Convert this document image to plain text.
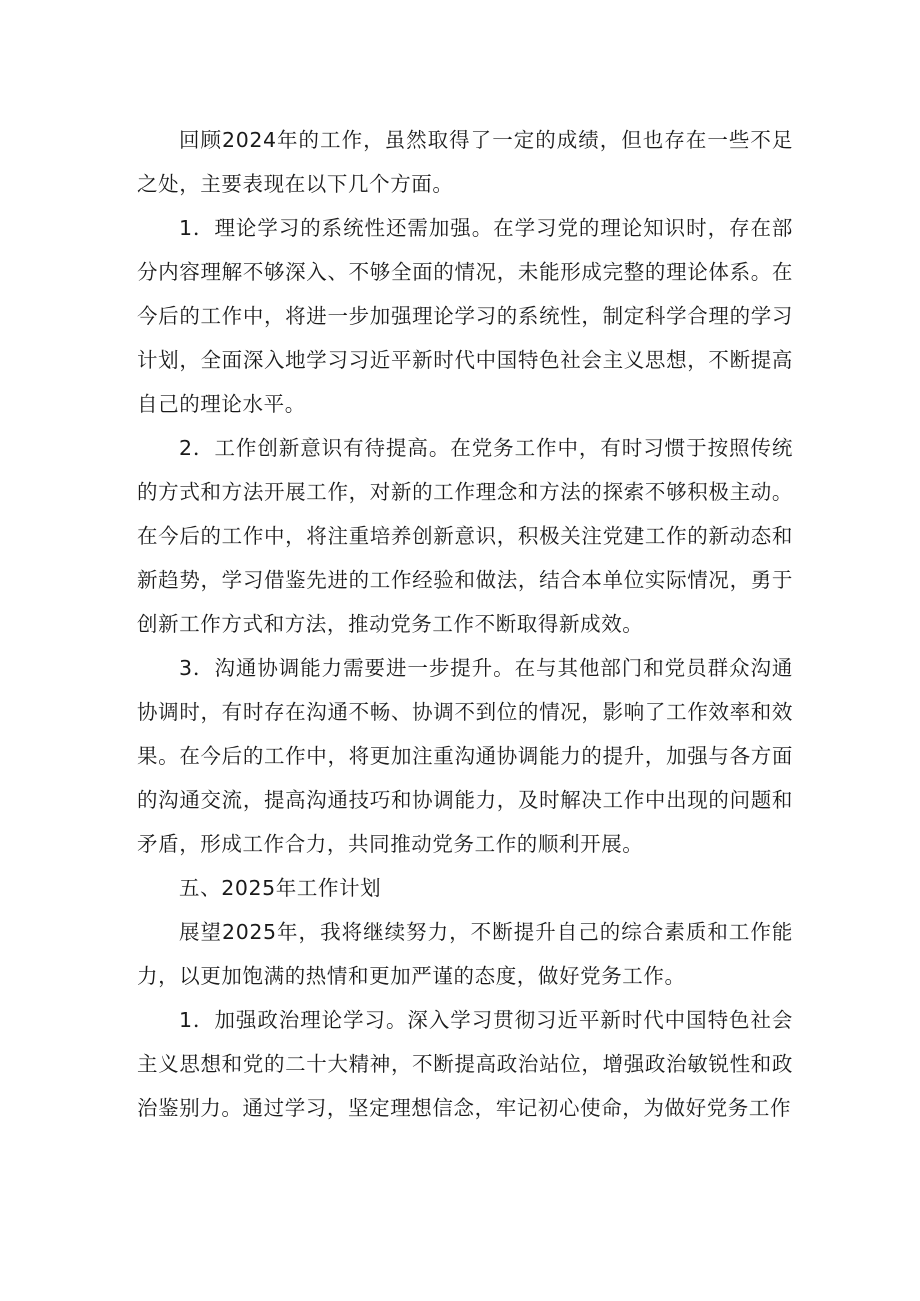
回顾2024年的工作，虽然取得了一定的成绩，但也存在一些不足之处，主要表现在以下几个方面。

1．理论学习的系统性还需加强。在学习党的理论知识时，存在部分内容理解不够深入、不够全面的情况，未能形成完整的理论体系。在今后的工作中，将进一步加强理论学习的系统性，制定科学合理的学习计划，全面深入地学习习近平新时代中国特色社会主义思想，不断提高自己的理论水平。

2．工作创新意识有待提高。在党务工作中，有时习惯于按照传统的方式和方法开展工作，对新的工作理念和方法的探索不够积极主动。在今后的工作中，将注重培养创新意识，积极关注党建工作的新动态和新趋势，学习借鉴先进的工作经验和做法，结合本单位实际情况，勇于创新工作方式和方法，推动党务工作不断取得新成效。

3．沟通协调能力需要进一步提升。在与其他部门和党员群众沟通协调时，有时存在沟通不畅、协调不到位的情况，影响了工作效率和效果。在今后的工作中，将更加注重沟通协调能力的提升，加强与各方面的沟通交流，提高沟通技巧和协调能力，及时解决工作中出现的问题和矛盾，形成工作合力，共同推动党务工作的顺利开展。

五、2025年工作计划

展望2025年，我将继续努力，不断提升自己的综合素质和工作能力，以更加饱满的热情和更加严谨的态度，做好党务工作。

1．加强政治理论学习。深入学习贯彻习近平新时代中国特色社会主义思想和党的二十大精神，不断提高政治站位，增强政治敏锐性和政治鉴别力。通过学习，坚定理想信念，牢记初心使命，为做好党务工作
